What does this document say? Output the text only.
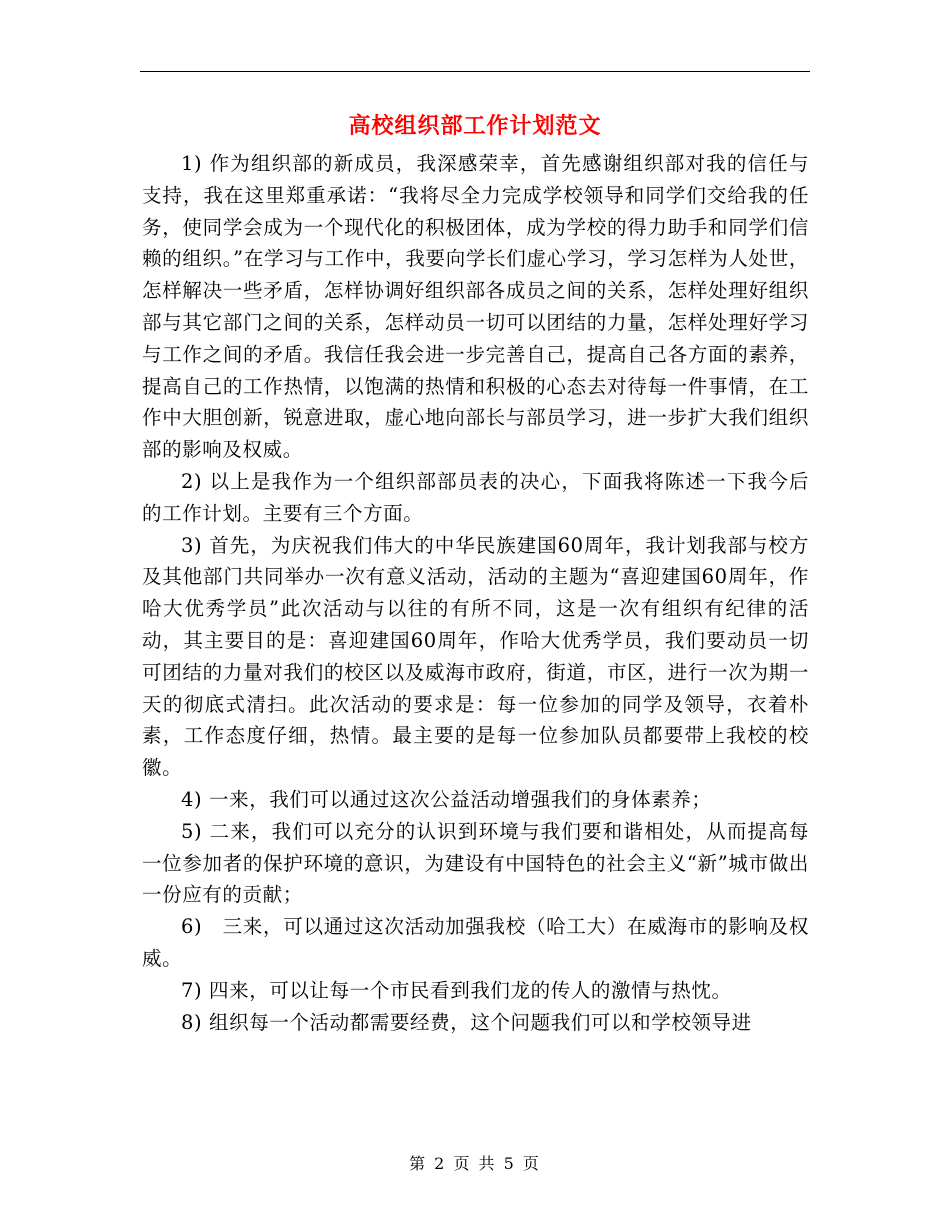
高校组织部工作计划范文

1) 作为组织部的新成员，我深感荣幸，首先感谢组织部对我的信任与支持，我在这里郑重承诺：“我将尽全力完成学校领导和同学们交给我的任务，使同学会成为一个现代化的积极团体，成为学校的得力助手和同学们信赖的组织。”在学习与工作中，我要向学长们虚心学习，学习怎样为人处世，怎样解决一些矛盾，怎样协调好组织部各成员之间的关系，怎样处理好组织部与其它部门之间的关系，怎样动员一切可以团结的力量，怎样处理好学习与工作之间的矛盾。我信任我会进一步完善自己，提高自己各方面的素养，提高自己的工作热情，以饱满的热情和积极的心态去对待每一件事情，在工作中大胆创新，锐意进取，虚心地向部长与部员学习，进一步扩大我们组织部的影响及权威。

2) 以上是我作为一个组织部部员表的决心，下面我将陈述一下我今后的工作计划。主要有三个方面。

3) 首先，为庆祝我们伟大的中华民族建国60周年，我计划我部与校方及其他部门共同举办一次有意义活动，活动的主题为“喜迎建国60周年，作哈大优秀学员”此次活动与以往的有所不同，这是一次有组织有纪律的活动，其主要目的是：喜迎建国60周年，作哈大优秀学员，我们要动员一切可团结的力量对我们的校区以及威海市政府，街道，市区，进行一次为期一天的彻底式清扫。此次活动的要求是：每一位参加的同学及领导，衣着朴素，工作态度仔细，热情。最主要的是每一位参加队员都要带上我校的校徽。

4) 一来，我们可以通过这次公益活动增强我们的身体素养；

5) 二来，我们可以充分的认识到环境与我们要和谐相处，从而提高每一位参加者的保护环境的意识，为建设有中国特色的社会主义“新”城市做出一份应有的贡献；

6)　三来，可以通过这次活动加强我校（哈工大）在威海市的影响及权威。

7) 四来，可以让每一个市民看到我们龙的传人的激情与热忱。

8) 组织每一个活动都需要经费，这个问题我们可以和学校领导进

第 2 页 共 5 页
